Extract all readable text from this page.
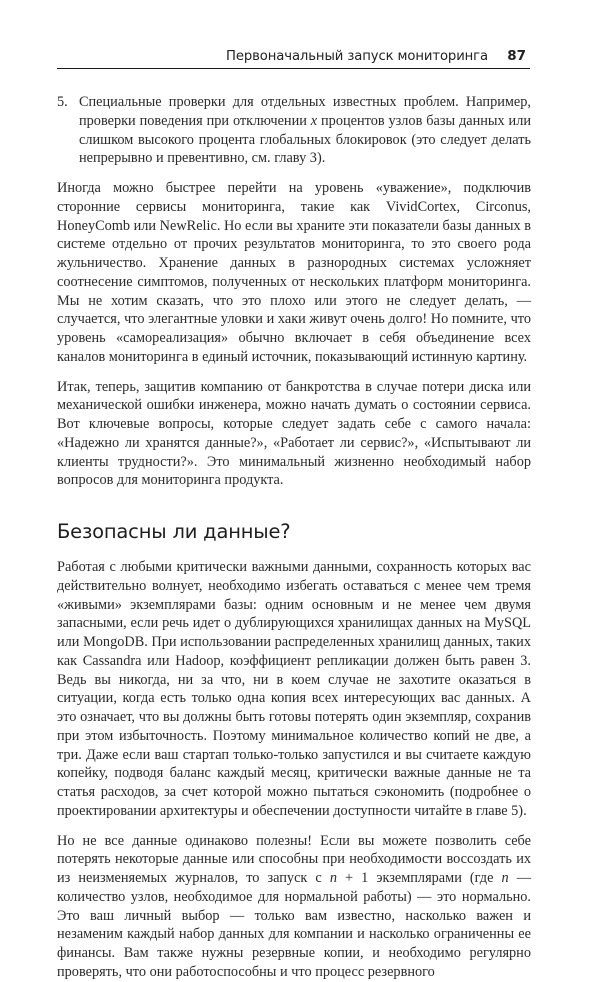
Первоначальный запуск мониторинга 87
5. Специальные проверки для отдельных известных проблем. Например, проверки поведения при отключении x процентов узлов базы данных или слишком высокого процента глобальных блокировок (это следует делать непрерывно и превентивно, см. главу 3).

Иногда можно быстрее перейти на уровень «уважение», подключив сторонние сервисы мониторинга, такие как VividCortex, Circonus, HoneyComb или NewRelic. Но если вы храните эти показатели базы данных в системе отдельно от прочих результатов мониторинга, то это своего рода жульничество. Хранение данных в разнородных системах усложняет соотнесение симптомов, полученных от нескольких платформ мониторинга. Мы не хотим сказать, что это плохо или этого не следует делать, — случается, что элегантные уловки и хаки живут очень долго! Но помните, что уровень «самореализация» обычно включает в себя объединение всех каналов мониторинга в единый источник, показывающий истинную картину.

Итак, теперь, защитив компанию от банкротства в случае потери диска или механической ошибки инженера, можно начать думать о состоянии сервиса. Вот ключевые вопросы, которые следует задать себе с самого начала: «Надежно ли хранятся данные?», «Работает ли сервис?», «Испытывают ли клиенты трудности?». Это минимальный жизненно необходимый набор вопросов для мониторинга продукта.

Безопасны ли данные?

Работая с любыми критически важными данными, сохранность которых вас действительно волнует, необходимо избегать оставаться с менее чем тремя «живыми» экземплярами базы: одним основным и не менее чем двумя запасными, если речь идет о дублирующихся хранилищах данных на MySQL или MongoDB. При использовании распределенных хранилищ данных, таких как Cassandra или Hadoop, коэффициент репликации должен быть равен 3. Ведь вы никогда, ни за что, ни в коем случае не захотите оказаться в ситуации, когда есть только одна копия всех интересующих вас данных. А это означает, что вы должны быть готовы потерять один экземпляр, сохранив при этом избыточность. Поэтому минимальное количество копий не две, а три. Даже если ваш стартап только-только запустился и вы считаете каждую копейку, подводя баланс каждый месяц, критически важные данные не та статья расходов, за счет которой можно пытаться сэкономить (подробнее о проектировании архитектуры и обеспечении доступности читайте в главе 5).

Но не все данные одинаково полезны! Если вы можете позволить себе потерять некоторые данные или способны при необходимости воссоздать их из неизменяемых журналов, то запуск с n + 1 экземплярами (где n — количество узлов, необходимое для нормальной работы) — это нормально. Это ваш личный выбор — только вам известно, насколько важен и незаменим каждый набор данных для компании и насколько ограниченны ее финансы. Вам также нужны резервные копии, и необходимо регулярно проверять, что они работоспособны и что процесс резервного
